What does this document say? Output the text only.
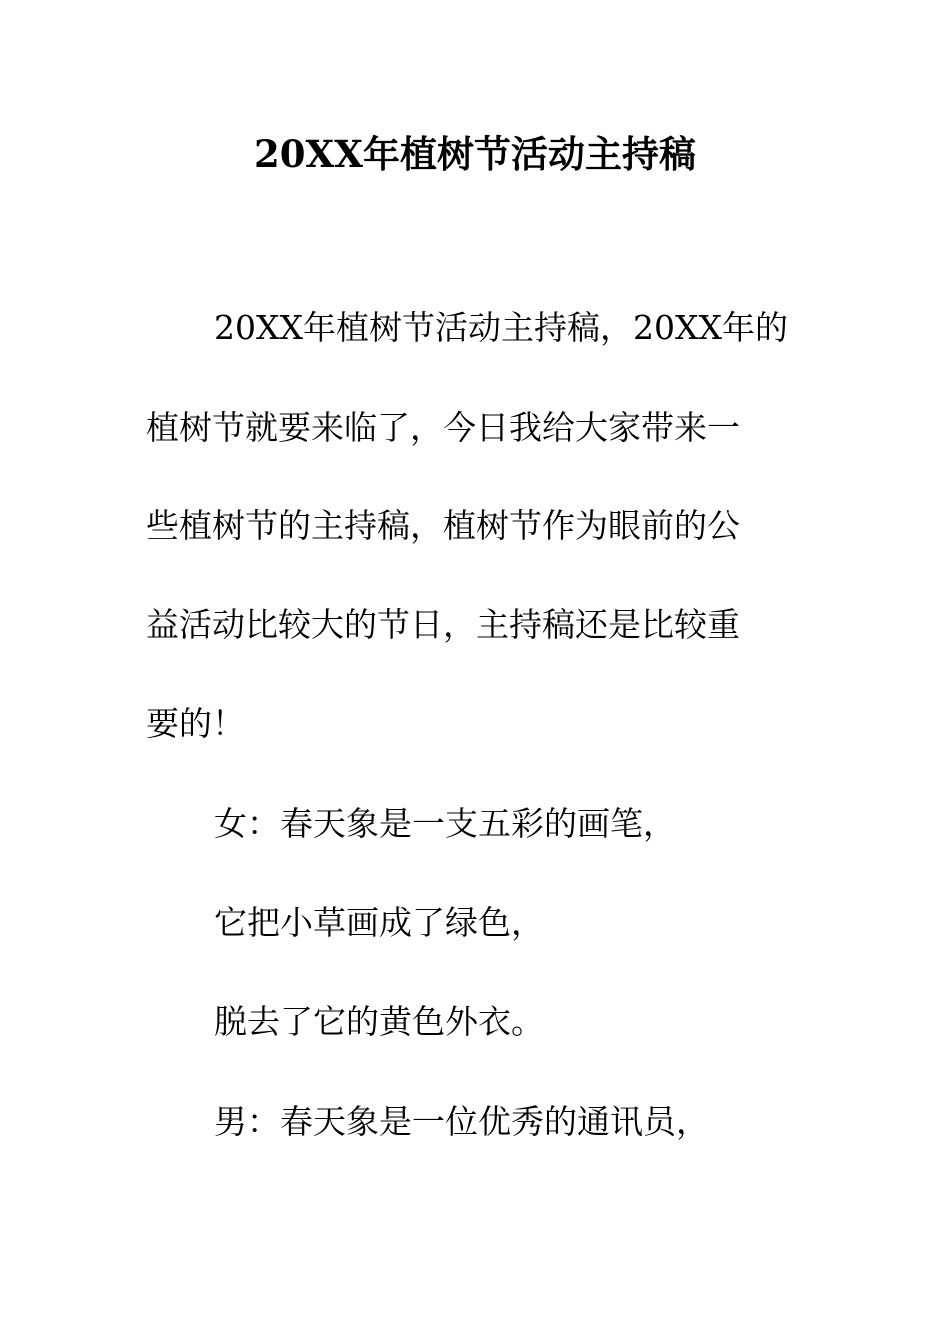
20XX年植树节活动主持稿
20XX年植树节活动主持稿，20XX年的
植树节就要来临了，今日我给大家带来一
些植树节的主持稿，植树节作为眼前的公
益活动比较大的节日，主持稿还是比较重
要的！
女：春天象是一支五彩的画笔，
它把小草画成了绿色，
脱去了它的黄色外衣。
男：春天象是一位优秀的通讯员，
